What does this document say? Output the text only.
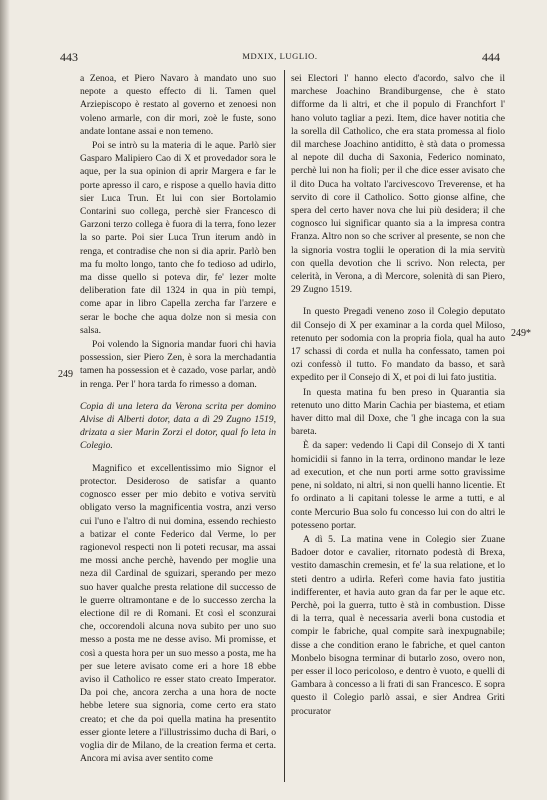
443	MDXIX, LUGLIO.	444

a Zenoa, et Piero Navaro à mandato uno suo nepote a questo effecto di li. Tamen quel Arziepiscopo è restato al governo et zenoesi non voleno armarle, con dir mori, zoè le fuste, sono andate lontane assai e non temeno.

Poi se intrò su la materia di le aque. Parlò sier Gasparo Malipiero Cao di X et provedador sora le aque, per la sua opinion di aprir Margera e far le porte apresso il caro, e rispose a quello havia ditto sier Luca Trun. Et lui con sier Bortolamio Contarini suo collega, perchè sier Francesco di Garzoni terzo collega è fuora di la terra, fono lezer la so parte. Poi sier Luca Trun iterum andò in renga, et contradise che non si dia aprir. Parlò ben ma fu molto longo, tanto che fo tedioso ad udirlo, ma disse quello si poteva dir, fe' lezer molte deliberation fate dil 1324 in qua in più tempi, come apar in libro Capella zercha far l'arzere e serar le boche che aqua dolze non si mesia con salsa.

Poi volendo la Signoria mandar fuori chi havia possession, sier Piero Zen, è sora la merchadantia tamen ha possession et è cazado, vose parlar, andò in renga. Per l' hora tarda fo rimesso a doman.

Copia di una letera da Verona scrita per domino Alvise di Alberti dotor, data a dì 29 Zugno 1519, drizata a sier Marin Zorzi el dotor, qual fo leta in Colegio.

Magnifico et excellentissimo mio Signor el protector. Desideroso de satisfar a quanto cognosco esser per mio debito e votiva servitù obligato verso la magnificentia vostra, anzi verso cui l'uno e l'altro di nui domina, essendo rechiesto a batizar el conte Federico dal Verme, lo per ragionevol respecti non li poteti recusar, ma assai me mossi anche perchè, havendo per moglie una neza dil Cardinal de sguizari, sperando per mezo suo haver qualche presta relatione dil successo de le guerre oltramontane e de lo successo zercha la electione dil re di Romani. Et così el sconzurai che, occorendoli alcuna nova subito per uno suo messo a posta me ne desse aviso. Mi promisse, et così a questa hora per un suo messo a posta, me ha per sue letere avisato come eri a hore 18 ebbe aviso il Catholico re esser stato creato Imperator. Da poi che, ancora zercha a una hora de nocte hebbe letere sua signoria, come certo era stato creato; et che da poi quella matina ha presentito esser gionte letere a l'illustrissimo ducha di Bari, o voglia dir de Milano, de la creation ferma et certa. Ancora mi avisa aver sentito come

249

sei Electori l' hanno electo d'acordo, salvo che il marchese Joachino Brandiburgense, che è stato difforme da li altri, et che il populo di Franchfort l' hano voluto tagliar a pezi. Item, dice haver notitia che la sorella dil Catholico, che era stata promessa al fiolo dil marchese Joachino antiditto, è stà data o promessa al nepote dil ducha di Saxonia, Federico nominato, perchè lui non ha fioli; per il che dice esser avisato che il dito Duca ha voltato l'arcivescovo Treverense, et ha servito di core il Catholico. Sotto gionse alfine, che spera del certo haver nova che lui più desidera; il che cognosco lui significar quanto sia a la impresa contra Franza. Altro non so che scriver al presente, se non che la signoria vostra toglii le operation di la mia servitù con quella devotion che li scrivo. Non relecta, per celerità, in Verona, a dì Mercore, solenità di san Piero, 29 Zugno 1519.

In questo Pregadi veneno zoso il Colegio deputato dil Consejo di X per examinar a la corda quel Miloso, retenuto per sodomia con la propria fiola, qual ha auto 17 schassi di corda et nulla ha confessato, tamen poi ozi confessò il tutto. Fo mandato da basso, et sarà expedito per il Consejo di X, et poi di lui fato justitia.

In questa matina fu ben preso in Quarantia sia retenuto uno ditto Marin Cachia per biastema, et etiam haver ditto mal dil Doxe, che 'l ghe incaga con la sua bareta.

È da saper: vedendo li Capi dil Consejo di X tanti homicidii si fanno in la terra, ordinono mandar le leze ad execution, et che nun porti arme sotto gravissime pene, ni soldato, ni altri, si non quelli hanno licentie. Et fo ordinato a li capitani tolesse le arme a tutti, e al conte Mercurio Bua solo fu concesso lui con do altri le potesseno portar.

A dì 5. La matina vene in Colegio sier Zuane Badoer dotor e cavalier, ritornato podestà di Brexa, vestito damaschin cremesin, et fe' la sua relatione, et lo steti dentro a udirla. Referì come havia fato justitia indifferenter, et havia auto gran da far per le aque etc. Perchè, poi la guerra, tutto è stà in combustion. Disse di la terra, qual è necessaria averli bona custodia et compir le fabriche, qual compite sarà inexpugnabile; disse a che condition erano le fabriche, et quel canton Monbelo bisogna terminar di butarlo zoso, overo non, per esser il loco pericoloso, e dentro è vuoto, e quelli di Gambara à concesso a li frati di san Francesco. E sopra questo il Colegio parlò assai, e sier Andrea Griti procurator

249*
